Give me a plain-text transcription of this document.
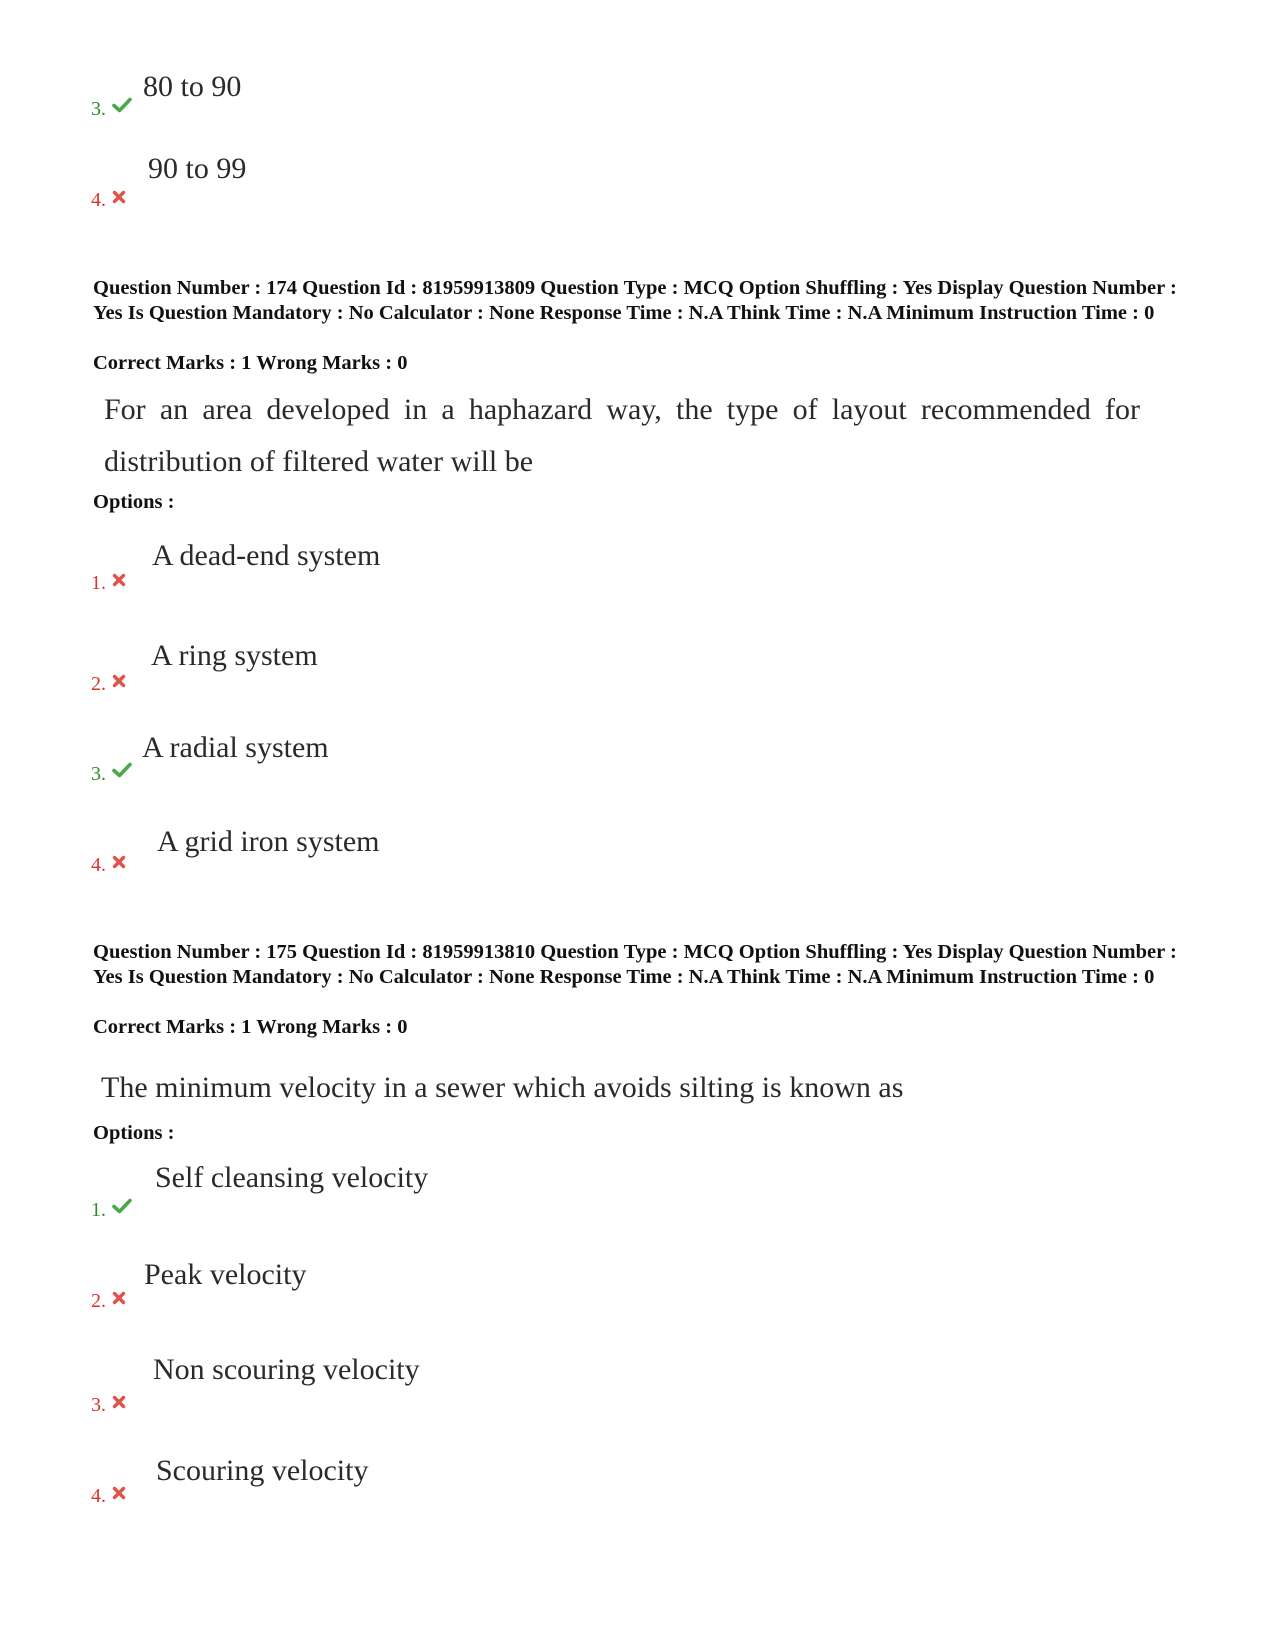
80 to 90
3.
90 to 99
4.
Question Number : 174 Question Id : 81959913809 Question Type : MCQ Option Shuffling : Yes Display Question Number : Yes Is Question Mandatory : No Calculator : None Response Time : N.A Think Time : N.A Minimum Instruction Time : 0
Correct Marks : 1 Wrong Marks : 0
For an area developed in a haphazard way, the type of layout recommended for distribution of filtered water will be
Options :
A dead-end system
1.
A ring system
2.
A radial system
3.
A grid iron system
4.
Question Number : 175 Question Id : 81959913810 Question Type : MCQ Option Shuffling : Yes Display Question Number : Yes Is Question Mandatory : No Calculator : None Response Time : N.A Think Time : N.A Minimum Instruction Time : 0
Correct Marks : 1 Wrong Marks : 0
The minimum velocity in a sewer which avoids silting is known as
Options :
Self cleansing velocity
1.
Peak velocity
2.
Non scouring velocity
3.
Scouring velocity
4.
